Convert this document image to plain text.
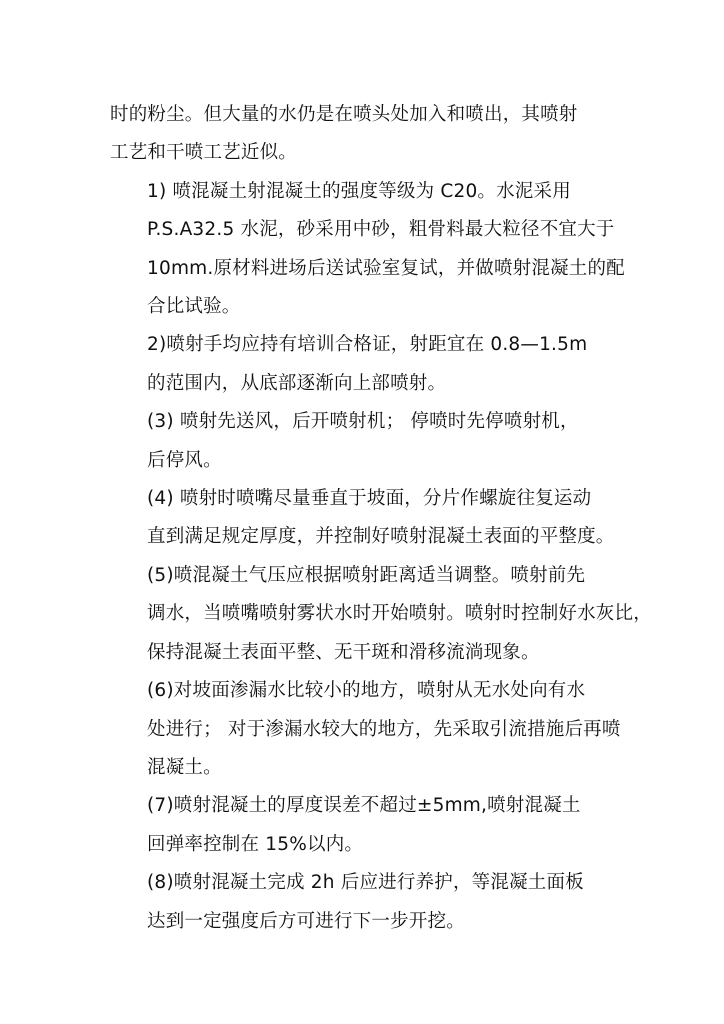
时的粉尘。但大量的水仍是在喷头处加入和喷出，其喷射
工艺和干喷工艺近似。
1) 喷混凝土射混凝土的强度等级为 C20。水泥采用
P.S.A32.5 水泥，砂采用中砂，粗骨料最大粒径不宜大于
10mm.原材料进场后送试验室复试，并做喷射混凝土的配
合比试验。
2)喷射手均应持有培训合格证，射距宜在 0.8—1.5m
的范围内，从底部逐渐向上部喷射。
(3) 喷射先送风，后开喷射机； 停喷时先停喷射机，
后停风。
(4) 喷射时喷嘴尽量垂直于坡面，分片作螺旋往复运动
直到满足规定厚度，并控制好喷射混凝土表面的平整度。
(5)喷混凝土气压应根据喷射距离适当调整。喷射前先
调水，当喷嘴喷射雾状水时开始喷射。喷射时控制好水灰比，
保持混凝土表面平整、无干斑和滑移流淌现象。
(6)对坡面渗漏水比较小的地方，喷射从无水处向有水
处进行； 对于渗漏水较大的地方，先采取引流措施后再喷
混凝土。
(7)喷射混凝土的厚度误差不超过±5mm,喷射混凝土
回弹率控制在 15%以内。
(8)喷射混凝土完成 2h 后应进行养护，等混凝土面板
达到一定强度后方可进行下一步开挖。
